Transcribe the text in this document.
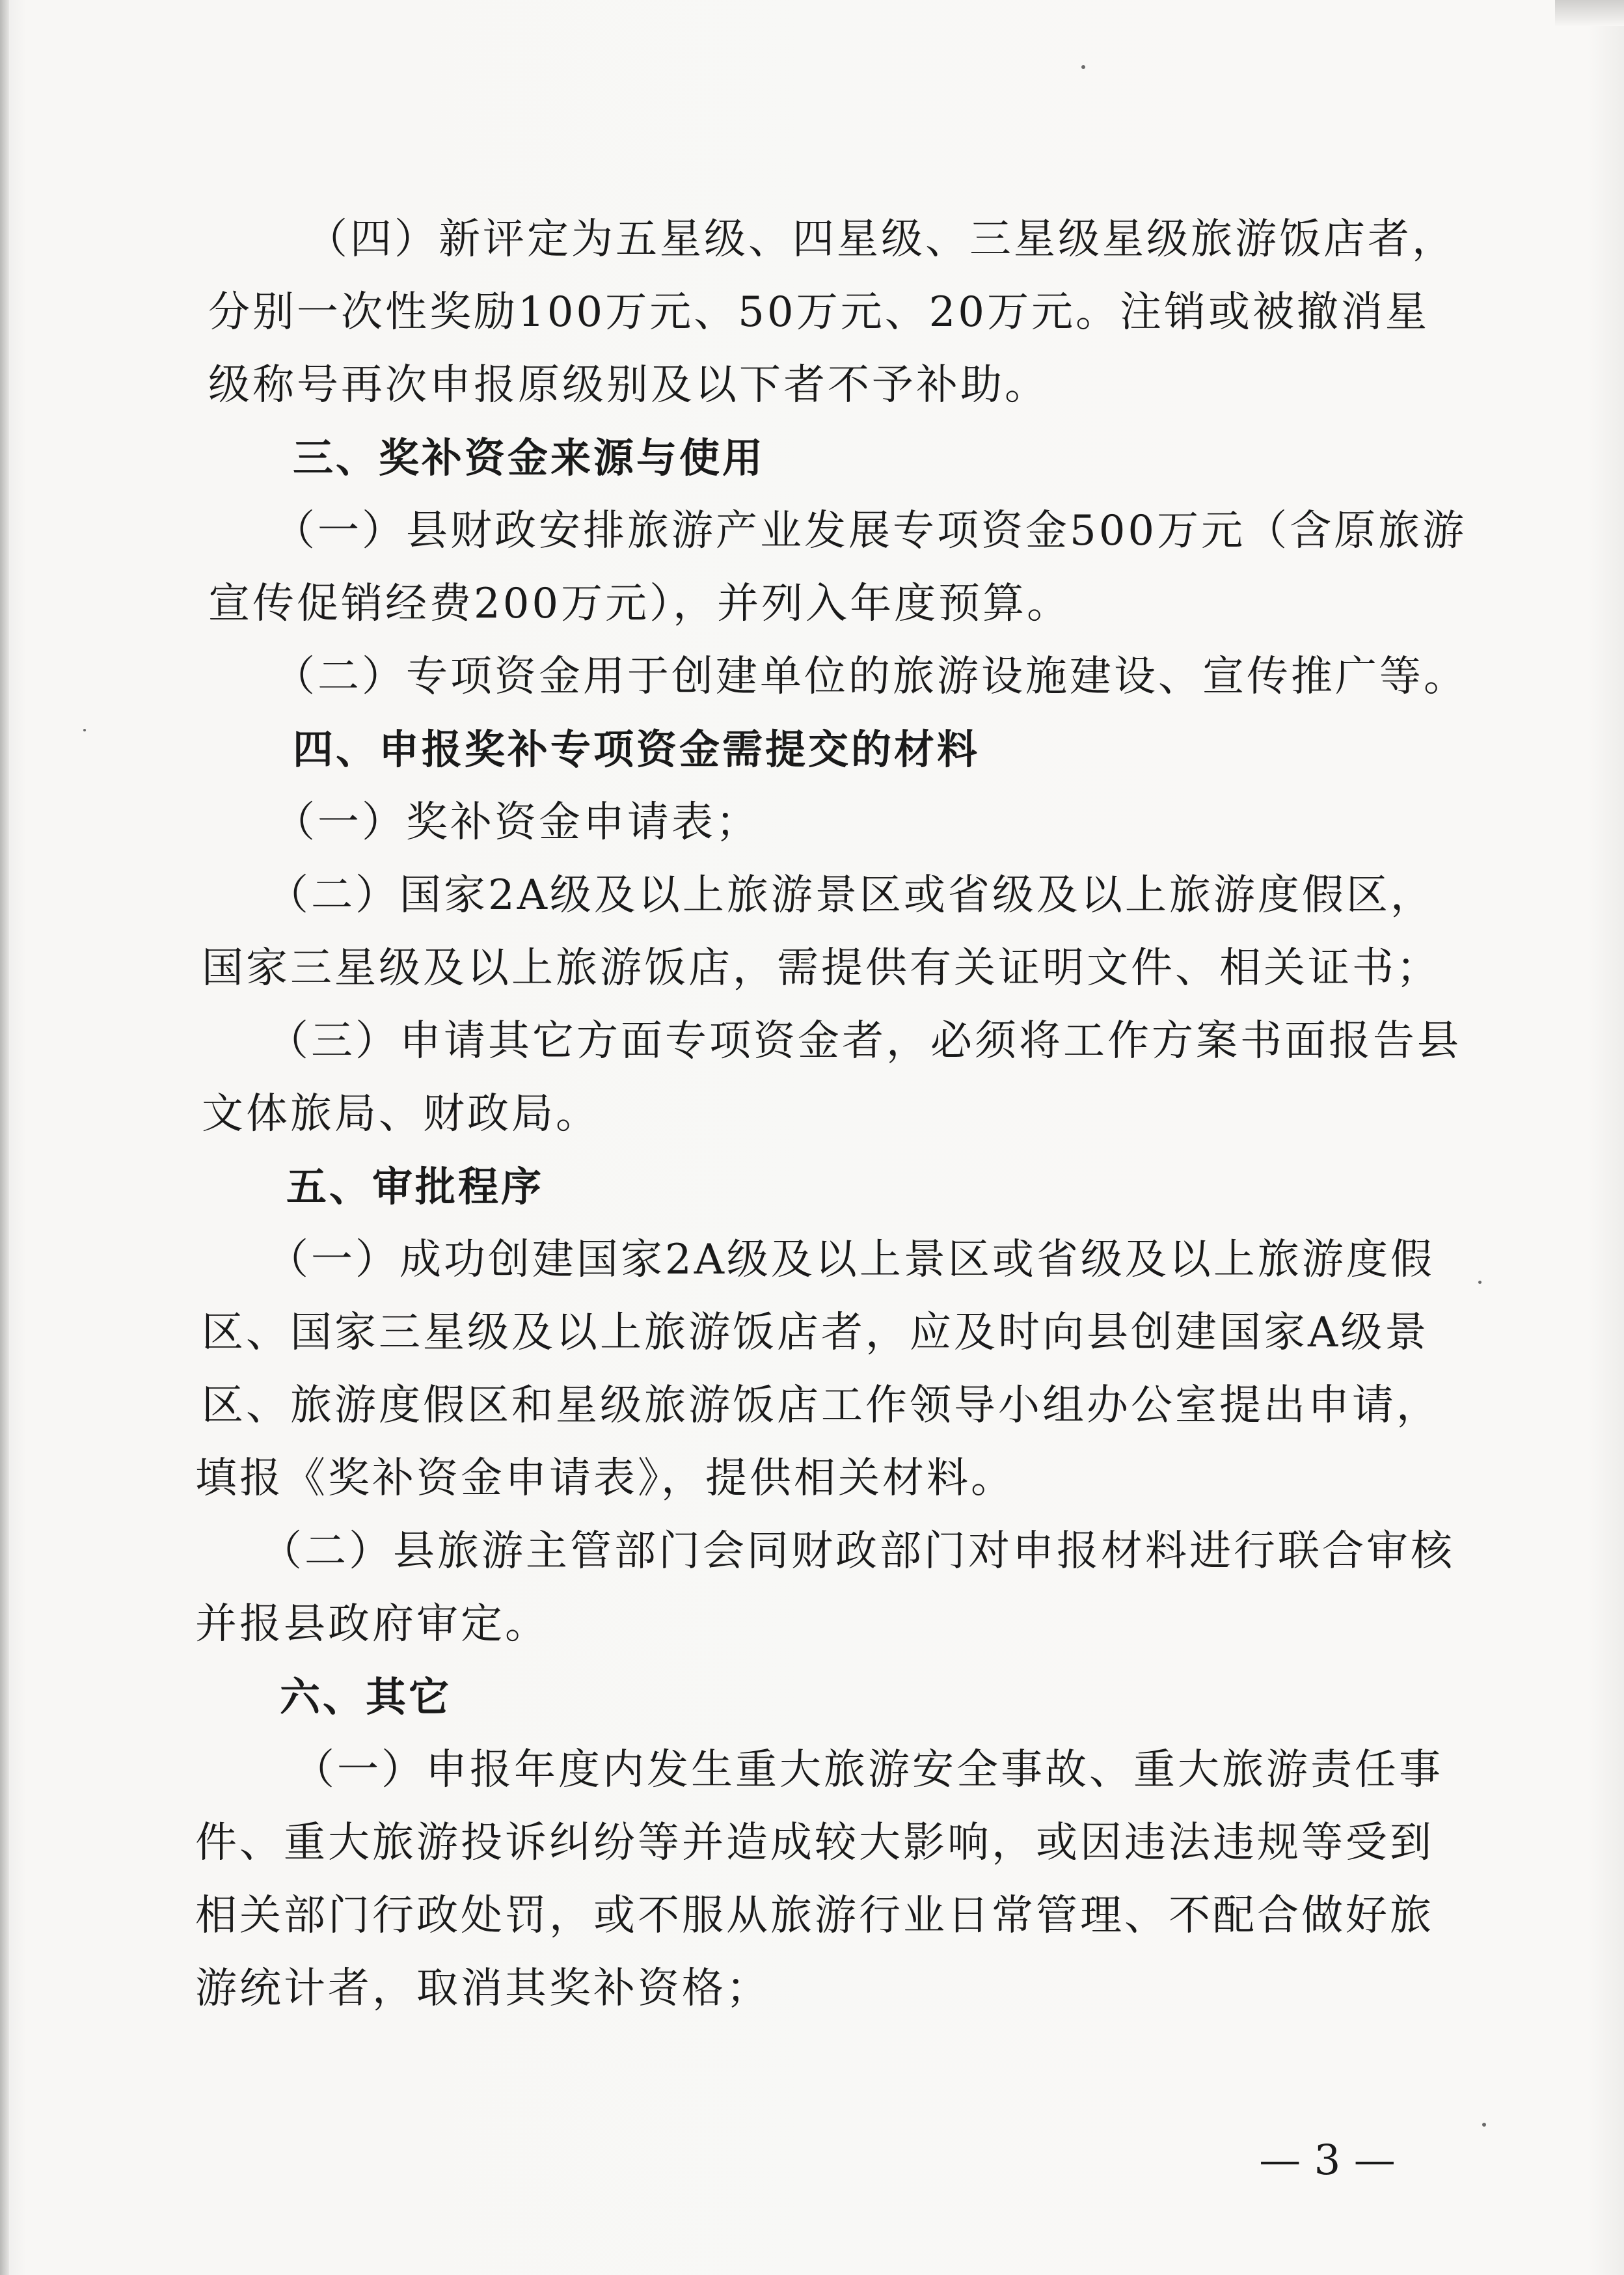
（四）新评定为五星级、四星级、三星级星级旅游饭店者，
分别一次性奖励100万元、50万元、20万元。注销或被撤消星
级称号再次申报原级别及以下者不予补助。
三、奖补资金来源与使用
（一）县财政安排旅游产业发展专项资金500万元（含原旅游
宣传促销经费200万元），并列入年度预算。
（二）专项资金用于创建单位的旅游设施建设、宣传推广等。
四、申报奖补专项资金需提交的材料
（一）奖补资金申请表；
（二）国家2A级及以上旅游景区或省级及以上旅游度假区，
国家三星级及以上旅游饭店，需提供有关证明文件、相关证书；
（三）申请其它方面专项资金者，必须将工作方案书面报告县
文体旅局、财政局。
五、审批程序
（一）成功创建国家2A级及以上景区或省级及以上旅游度假
区、国家三星级及以上旅游饭店者，应及时向县创建国家A级景
区、旅游度假区和星级旅游饭店工作领导小组办公室提出申请，
填报《奖补资金申请表》，提供相关材料。
（二）县旅游主管部门会同财政部门对申报材料进行联合审核
并报县政府审定。
六、其它
（一）申报年度内发生重大旅游安全事故、重大旅游责任事
件、重大旅游投诉纠纷等并造成较大影响，或因违法违规等受到
相关部门行政处罚，或不服从旅游行业日常管理、不配合做好旅
游统计者，取消其奖补资格；
— 3 —
